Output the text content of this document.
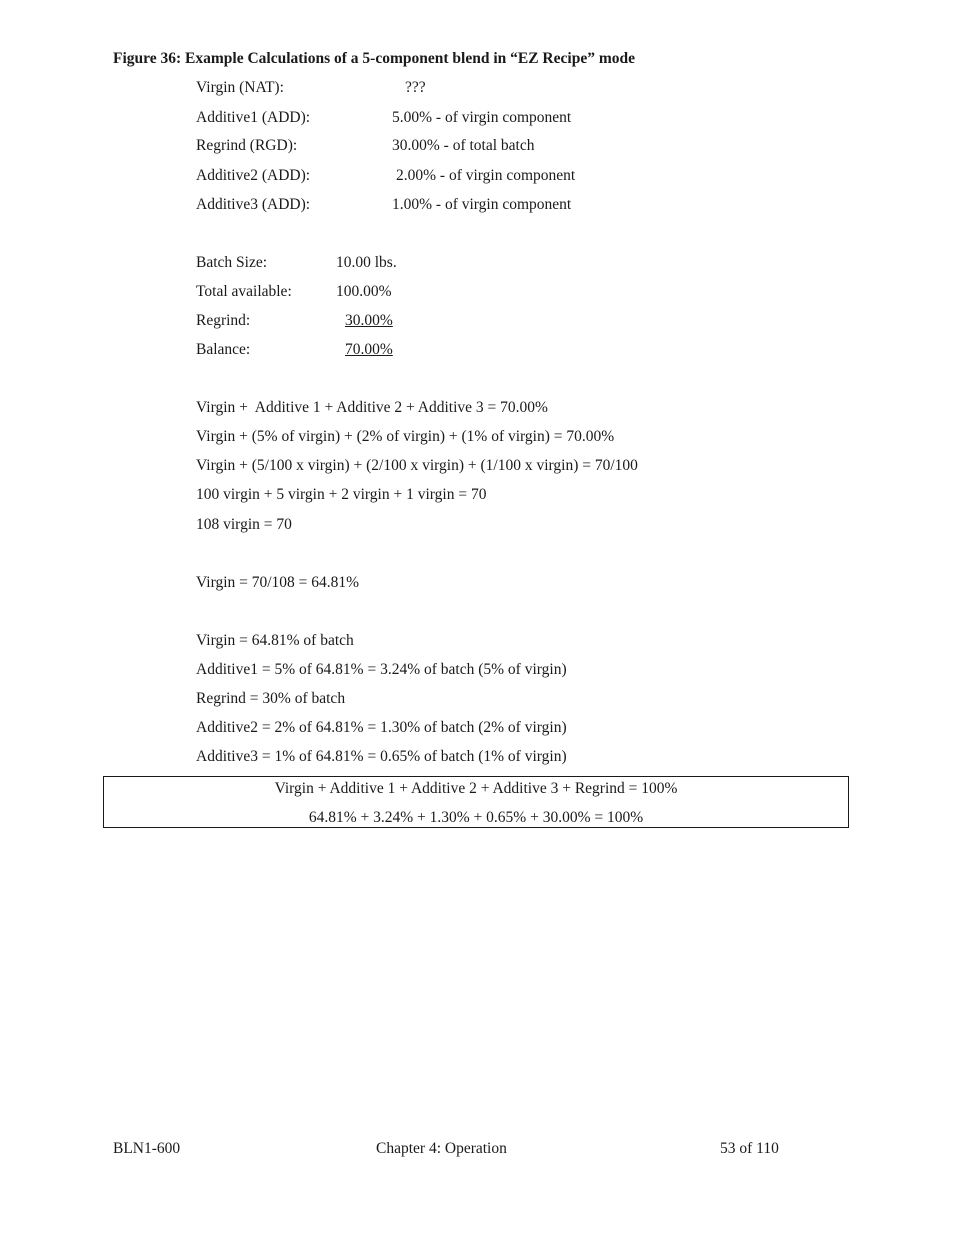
Figure 36: Example Calculations of a 5-component blend in “EZ Recipe” mode
Virgin (NAT):	???
Additive1 (ADD):	5.00% - of virgin component
Regrind (RGD):	30.00% - of total batch
Additive2 (ADD):	2.00% - of virgin component
Additive3 (ADD):	1.00% - of virgin component
Batch Size:	10.00 lbs.
Total available:	100.00%
Regrind:	30.00%
Balance:	70.00%
Virgin +  Additive 1 + Additive 2 + Additive 3 = 70.00%
Virgin + (5% of virgin) + (2% of virgin) + (1% of virgin) = 70.00%
Virgin + (5/100 x virgin) + (2/100 x virgin) + (1/100 x virgin) = 70/100
100 virgin + 5 virgin + 2 virgin + 1 virgin = 70
108 virgin = 70
Virgin = 70/108 = 64.81%
Virgin = 64.81% of batch
Additive1 = 5% of 64.81% = 3.24% of batch (5% of virgin)
Regrind = 30% of batch
Additive2 = 2% of 64.81% = 1.30% of batch (2% of virgin)
Additive3 = 1% of 64.81% = 0.65% of batch (1% of virgin)
Virgin + Additive 1 + Additive 2 + Additive 3 + Regrind = 100%
64.81% + 3.24% + 1.30% + 0.65% + 30.00% = 100%
BLN1-600	Chapter 4: Operation	53 of 110
